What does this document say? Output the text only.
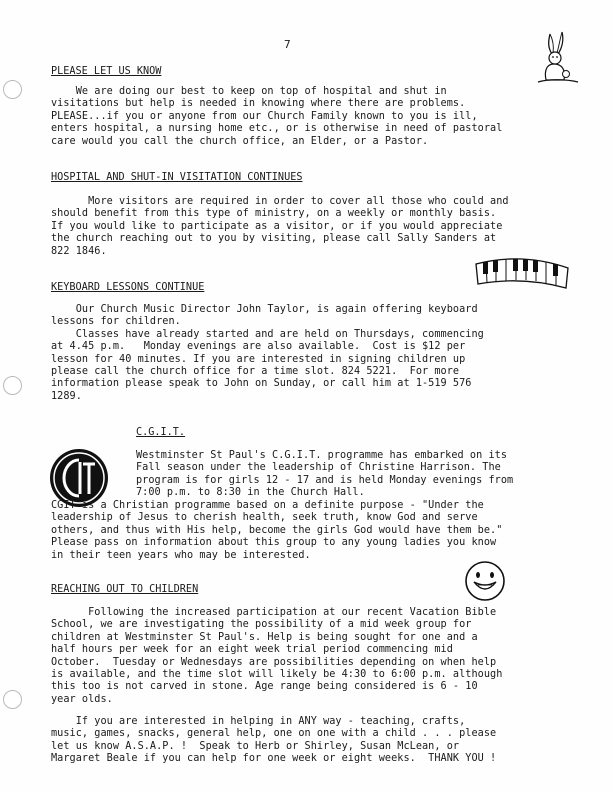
7
PLEASE LET US KNOW
We are doing our best to keep on top of hospital and shut in
visitations but help is needed in knowing where there are problems.
PLEASE...if you or anyone from our Church Family known to you is ill,
enters hospital, a nursing home etc., or is otherwise in need of pastoral
care would you call the church office, an Elder, or a Pastor.
HOSPITAL AND SHUT-IN VISITATION CONTINUES
More visitors are required in order to cover all those who could and
should benefit from this type of ministry, on a weekly or monthly basis.
If you would like to participate as a visitor, or if you would appreciate
the church reaching out to you by visiting, please call Sally Sanders at
822 1846.
KEYBOARD LESSONS CONTINUE
Our Church Music Director John Taylor, is again offering keyboard
lessons for children.
Classes have already started and are held on Thursdays, commencing
at 4.45 p.m.   Monday evenings are also available.  Cost is $12 per
lesson for 40 minutes. If you are interested in signing children up
please call the church office for a time slot. 824 5221.  For more
information please speak to John on Sunday, or call him at 1-519 576
1289.
C.G.I.T.
Westminster St Paul's C.G.I.T. programme has embarked on its
Fall season under the leadership of Christine Harrison. The
program is for girls 12 - 17 and is held Monday evenings from
7:00 p.m. to 8:30 in the Church Hall.
CGIT is a Christian programme based on a definite purpose - "Under the
leadership of Jesus to cherish health, seek truth, know God and serve
others, and thus with His help, become the girls God would have them be."
Please pass on information about this group to any young ladies you know
in their teen years who may be interested.
REACHING OUT TO CHILDREN
Following the increased participation at our recent Vacation Bible
School, we are investigating the possibility of a mid week group for
children at Westminster St Paul's. Help is being sought for one and a
half hours per week for an eight week trial period commencing mid
October.  Tuesday or Wednesdays are possibilities depending on when help
is available, and the time slot will likely be 4:30 to 6:00 p.m. although
this too is not carved in stone. Age range being considered is 6 - 10
year olds.
If you are interested in helping in ANY way - teaching, crafts,
music, games, snacks, general help, one on one with a child . . . please
let us know A.S.A.P. !  Speak to Herb or Shirley, Susan McLean, or
Margaret Beale if you can help for one week or eight weeks.  THANK YOU !
